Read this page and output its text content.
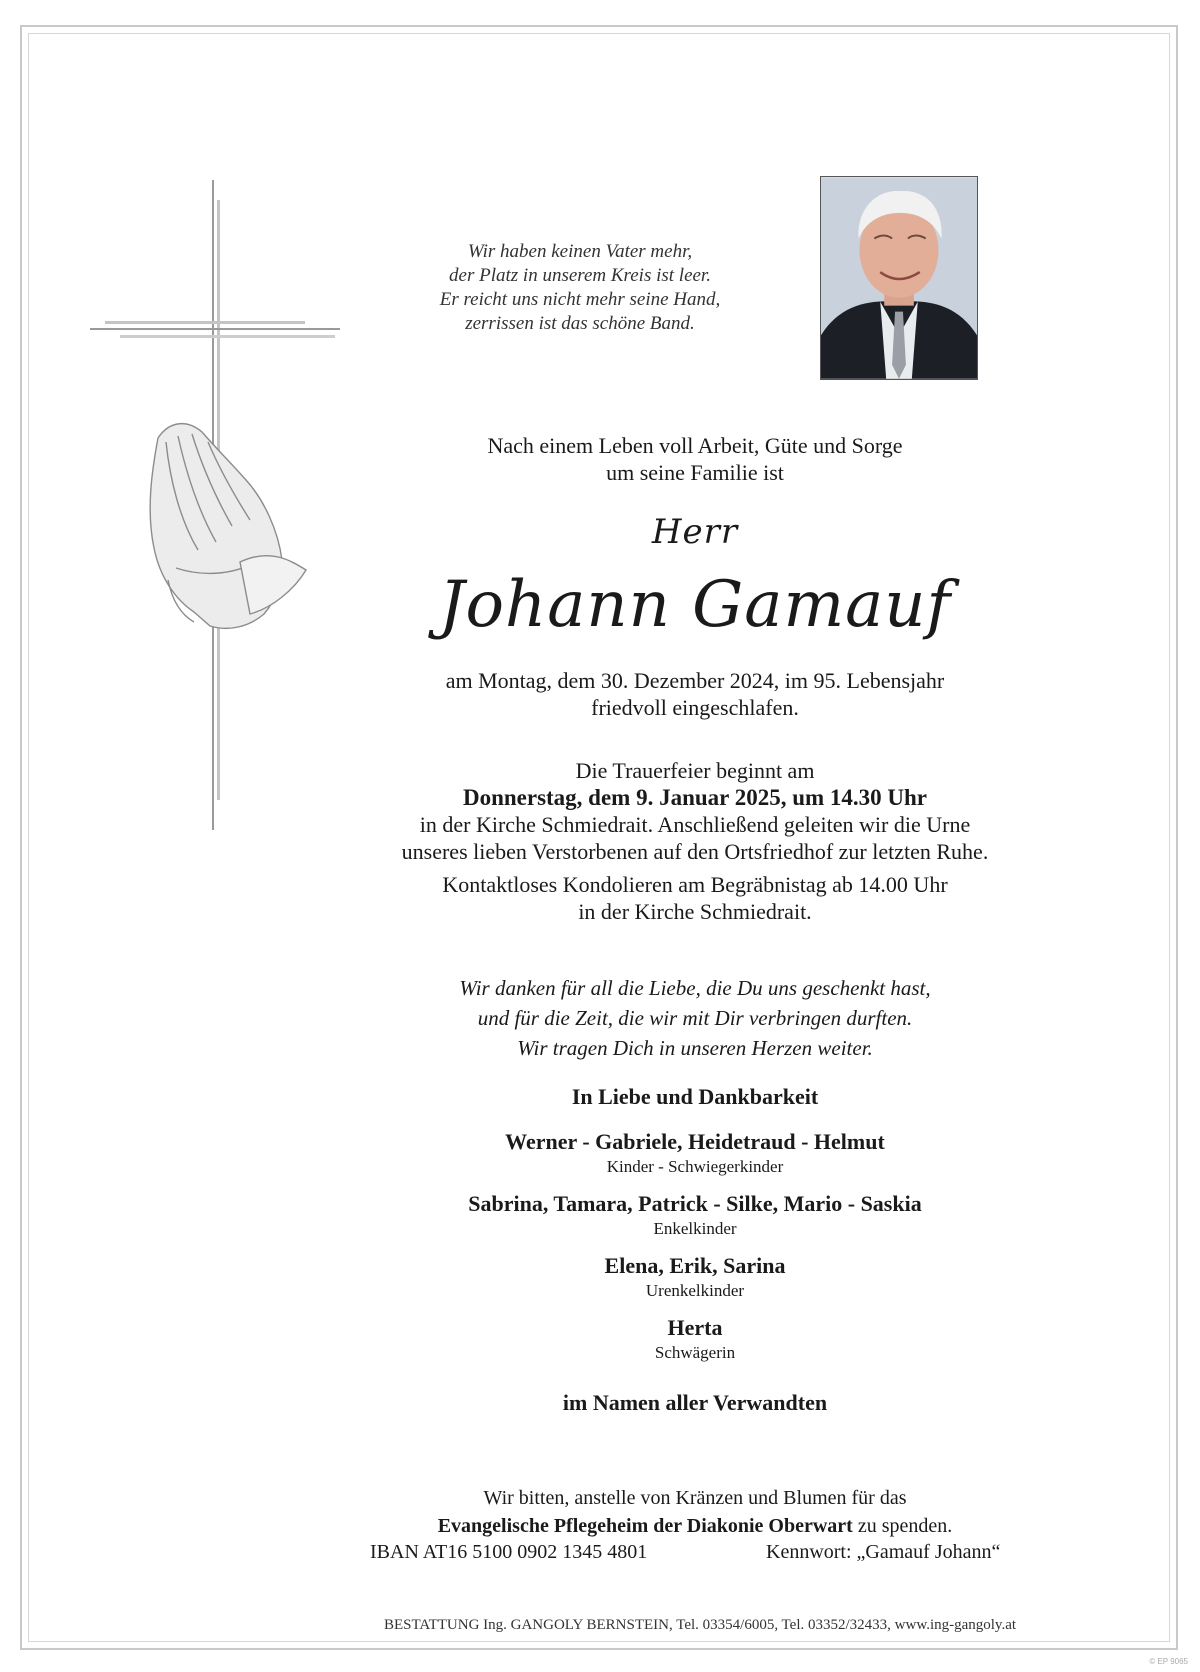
Wir haben keinen Vater mehr,
der Platz in unserem Kreis ist leer.
Er reicht uns nicht mehr seine Hand,
zerrissen ist das schöne Band.
Nach einem Leben voll Arbeit, Güte und Sorge
um seine Familie ist
Herr
Johann Gamauf
am Montag, dem 30. Dezember 2024, im 95. Lebensjahr
friedvoll eingeschlafen.
Die Trauerfeier beginnt am
Donnerstag, dem 9. Januar 2025, um 14.30 Uhr
in der Kirche Schmiedrait. Anschließend geleiten wir die Urne
unseres lieben Verstorbenen auf den Ortsfriedhof zur letzten Ruhe.
Kontaktloses Kondolieren am Begräbnistag ab 14.00 Uhr
in der Kirche Schmiedrait.
Wir danken für all die Liebe, die Du uns geschenkt hast,
und für die Zeit, die wir mit Dir verbringen durften.
Wir tragen Dich in unseren Herzen weiter.
In Liebe und Dankbarkeit
Werner - Gabriele, Heidetraud - Helmut
Kinder - Schwiegerkinder
Sabrina, Tamara, Patrick - Silke, Mario - Saskia
Enkelkinder
Elena, Erik, Sarina
Urenkelkinder
Herta
Schwägerin
im Namen aller Verwandten
Wir bitten, anstelle von Kränzen und Blumen für das
Evangelische Pflegeheim der Diakonie Oberwart zu spenden.
IBAN AT16 5100 0902 1345 4801	Kennwort: „Gamauf Johann“
BESTATTUNG Ing. GANGOLY BERNSTEIN, Tel. 03354/6005, Tel. 03352/32433, www.ing-gangoly.at
© EP 9065
